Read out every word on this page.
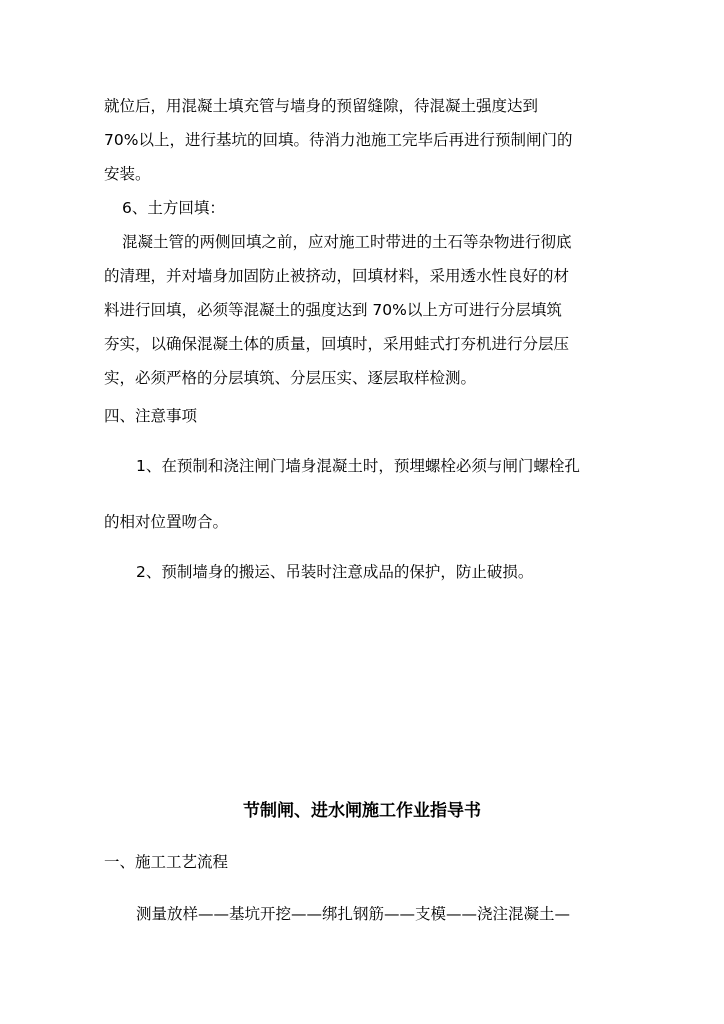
就位后，用混凝土填充管与墙身的预留缝隙，待混凝土强度达到
70%以上，进行基坑的回填。待消力池施工完毕后再进行预制闸门的
安装。
6、土方回填：
混凝土管的两侧回填之前，应对施工时带进的土石等杂物进行彻底
的清理，并对墙身加固防止被挤动，回填材料，采用透水性良好的材
料进行回填，必须等混凝土的强度达到 70%以上方可进行分层填筑
夯实，以确保混凝土体的质量，回填时，采用蛙式打夯机进行分层压
实，必须严格的分层填筑、分层压实、逐层取样检测。
四、注意事项
1、在预制和浇注闸门墙身混凝土时，预埋螺栓必须与闸门螺栓孔
的相对位置吻合。
2、预制墙身的搬运、吊装时注意成品的保护，防止破损。
节制闸、进水闸施工作业指导书
一、施工工艺流程
测量放样——基坑开挖——绑扎钢筋——支模——浇注混凝土—
